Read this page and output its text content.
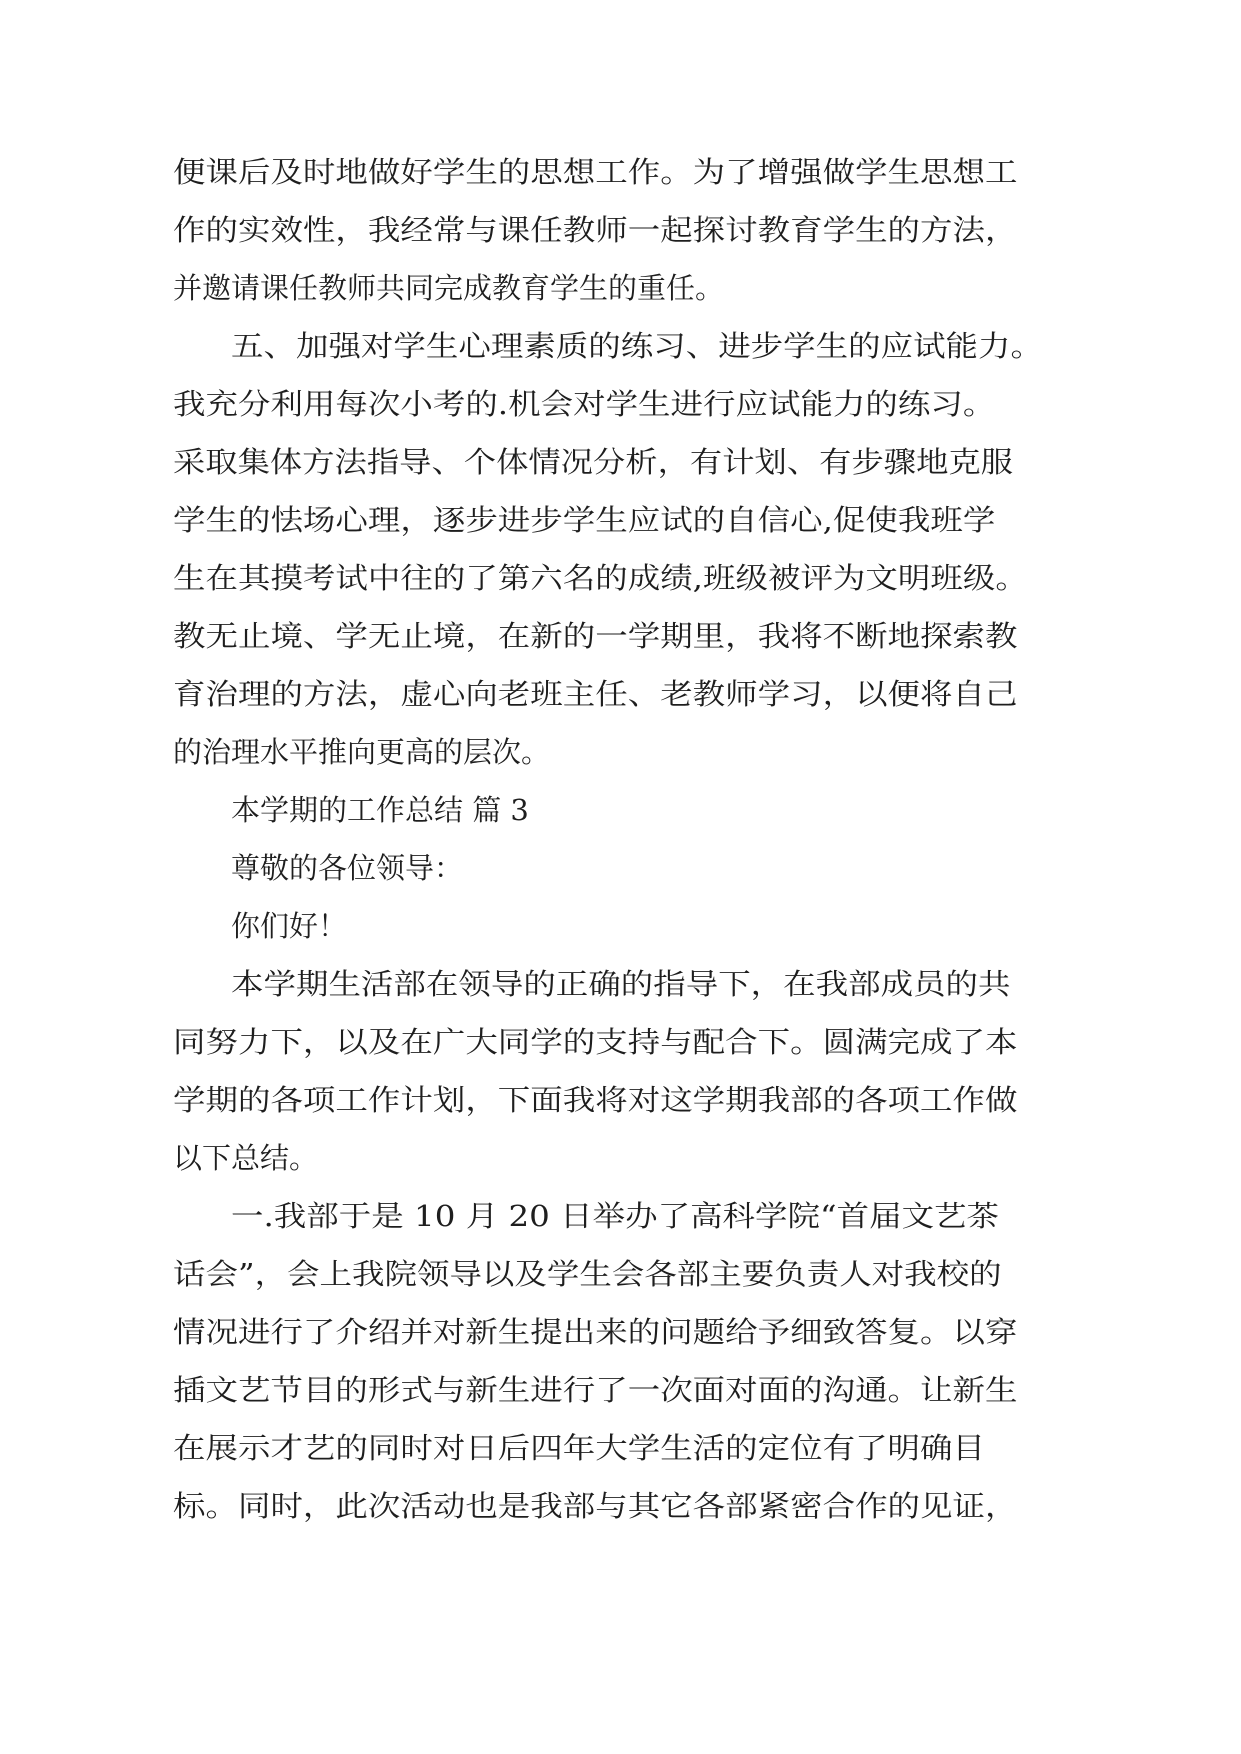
便课后及时地做好学生的思想工作。为了增强做学生思想工
作的实效性，我经常与课任教师一起探讨教育学生的方法，
并邀请课任教师共同完成教育学生的重任。
五、加强对学生心理素质的练习、进步学生的应试能力。
我充分利用每次小考的.机会对学生进行应试能力的练习。
采取集体方法指导、个体情况分析，有计划、有步骤地克服
学生的怯场心理，逐步进步学生应试的自信心,促使我班学
生在其摸考试中往的了第六名的成绩,班级被评为文明班级。
教无止境、学无止境，在新的一学期里，我将不断地探索教
育治理的方法，虚心向老班主任、老教师学习，以便将自己
的治理水平推向更高的层次。
本学期的工作总结 篇 3
尊敬的各位领导：
你们好！
本学期生活部在领导的正确的指导下，在我部成员的共
同努力下，以及在广大同学的支持与配合下。圆满完成了本
学期的各项工作计划，下面我将对这学期我部的各项工作做
以下总结。
一.我部于是 10 月 20 日举办了高科学院“首届文艺茶
话会”，会上我院领导以及学生会各部主要负责人对我校的
情况进行了介绍并对新生提出来的问题给予细致答复。以穿
插文艺节目的形式与新生进行了一次面对面的沟通。让新生
在展示才艺的同时对日后四年大学生活的定位有了明确目
标。同时，此次活动也是我部与其它各部紧密合作的见证，
